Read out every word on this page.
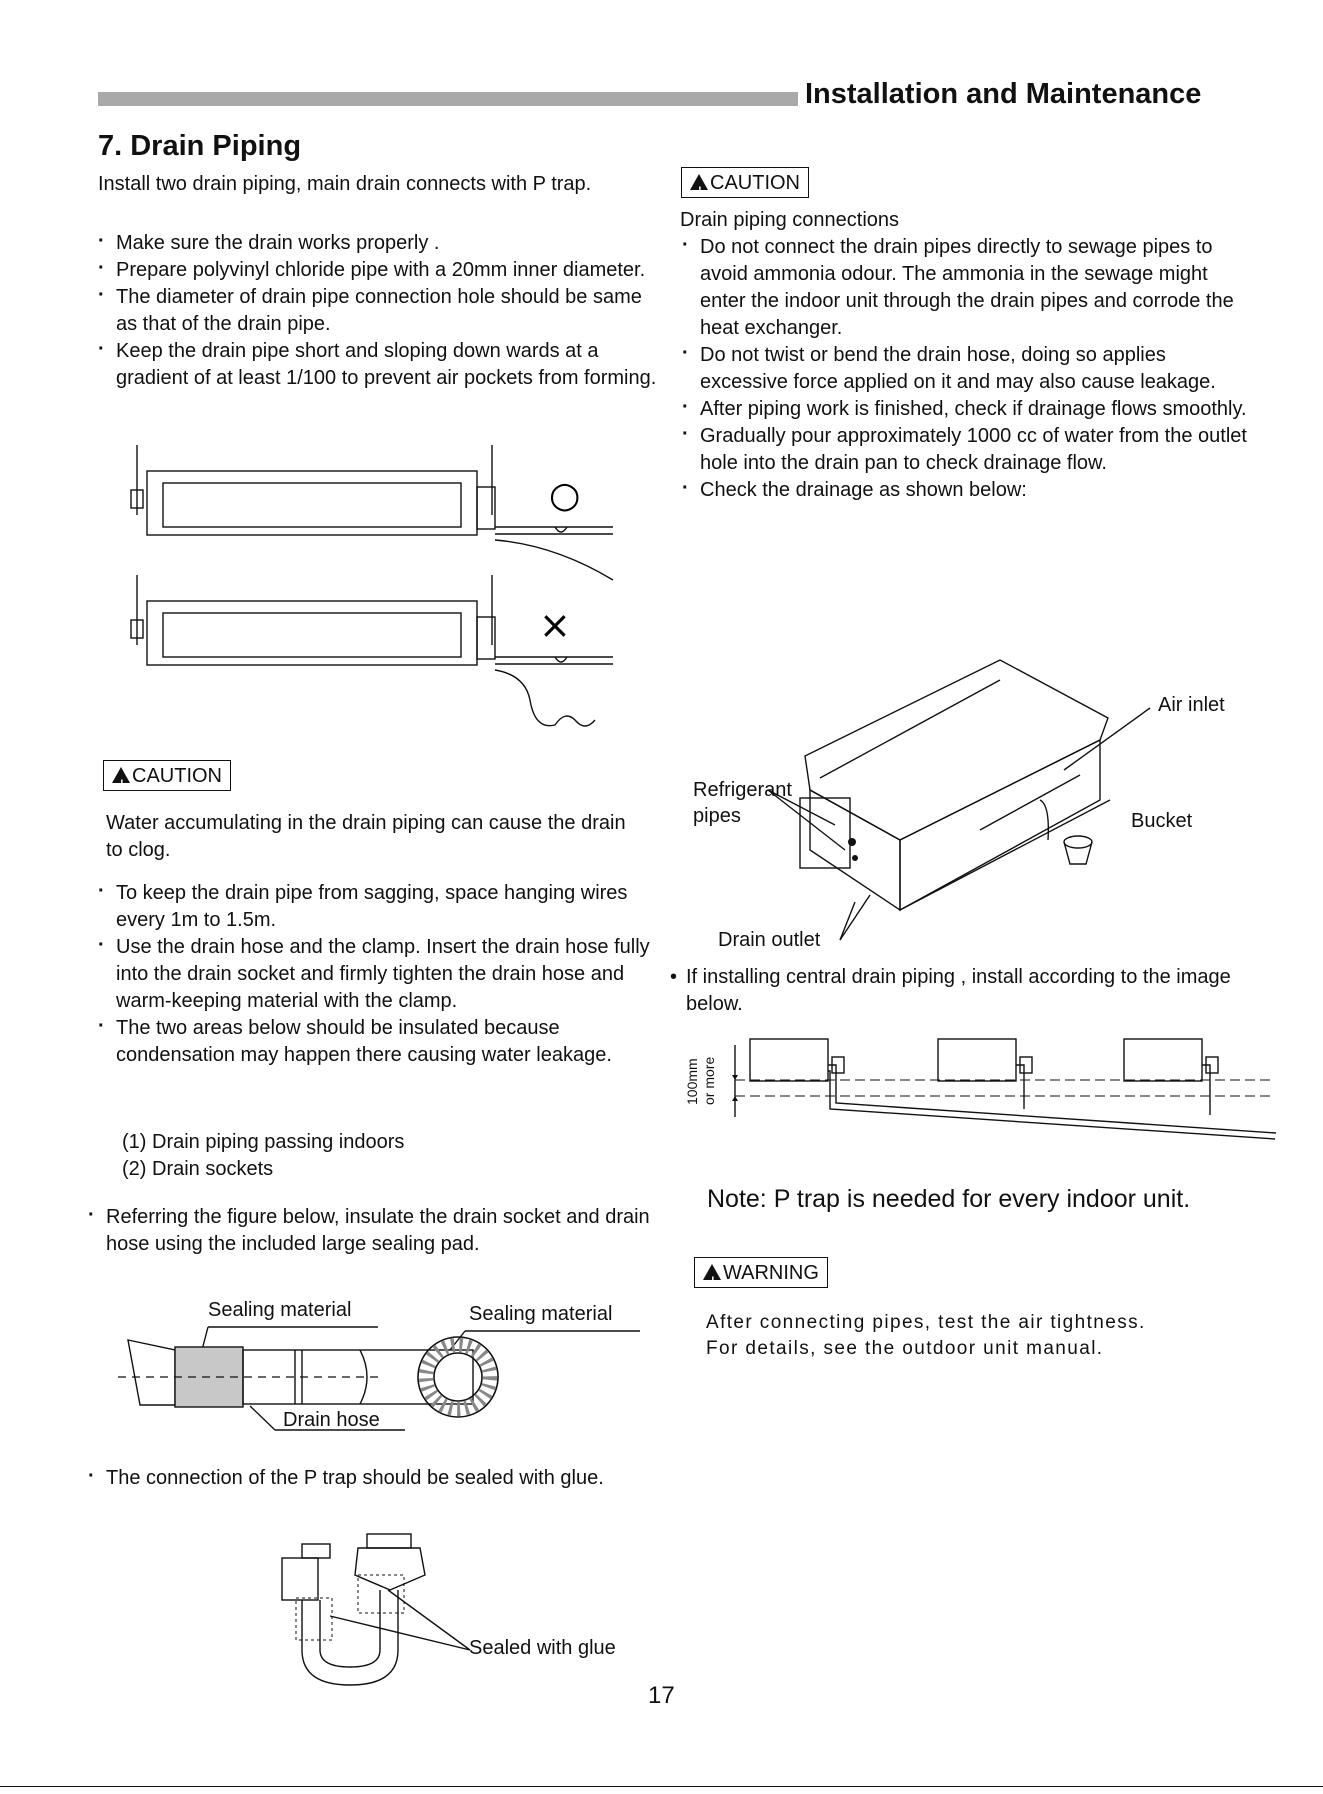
Installation and Maintenance
7. Drain Piping
Install two drain piping, main drain connects with P trap.
· Make sure the drain works properly .
· Prepare polyvinyl chloride pipe with a 20mm inner diameter.
· The diameter of drain pipe connection hole should be same as that of the drain pipe.
· Keep the drain pipe short and sloping down wards at a gradient of at least 1/100 to prevent air pockets from forming.
○
×
! CAUTION
Water accumulating in the drain piping can cause the drain to clog.
· To keep the drain pipe from sagging, space hanging wires every 1m to 1.5m.
· Use the drain hose and the clamp. Insert the drain hose fully into the drain socket and firmly tighten the drain hose and warm-keeping material with the clamp.
· The two areas below should be insulated because condensation may happen there causing water leakage.
(1) Drain piping passing indoors
(2) Drain sockets
· Referring the figure below, insulate the drain socket and drain hose using the included large sealing pad.
Sealing material	Sealing material
Drain hose
· The connection of the P trap should be sealed with glue.
Sealed with glue
17
! CAUTION
Drain piping connections
· Do not connect the drain pipes directly to sewage pipes to avoid ammonia odour. The ammonia in the sewage might enter the indoor unit through the drain pipes and corrode the heat exchanger.
· Do not twist or bend the drain hose, doing so applies excessive force applied on it and may also cause leakage.
· After piping work is finished, check if drainage flows smoothly.
· Gradually pour approximately 1000 cc of water from the outlet hole into the drain pan to check drainage flow.
· Check the drainage as shown below:
Air inlet
Refrigerant pipes	Bucket
Drain outlet
• If installing central drain piping , install according to the image below.
100mm or more
Note: P trap is needed for every indoor unit.
! WARNING
After connecting pipes, test the air tightness.
For details, see the outdoor unit manual.
